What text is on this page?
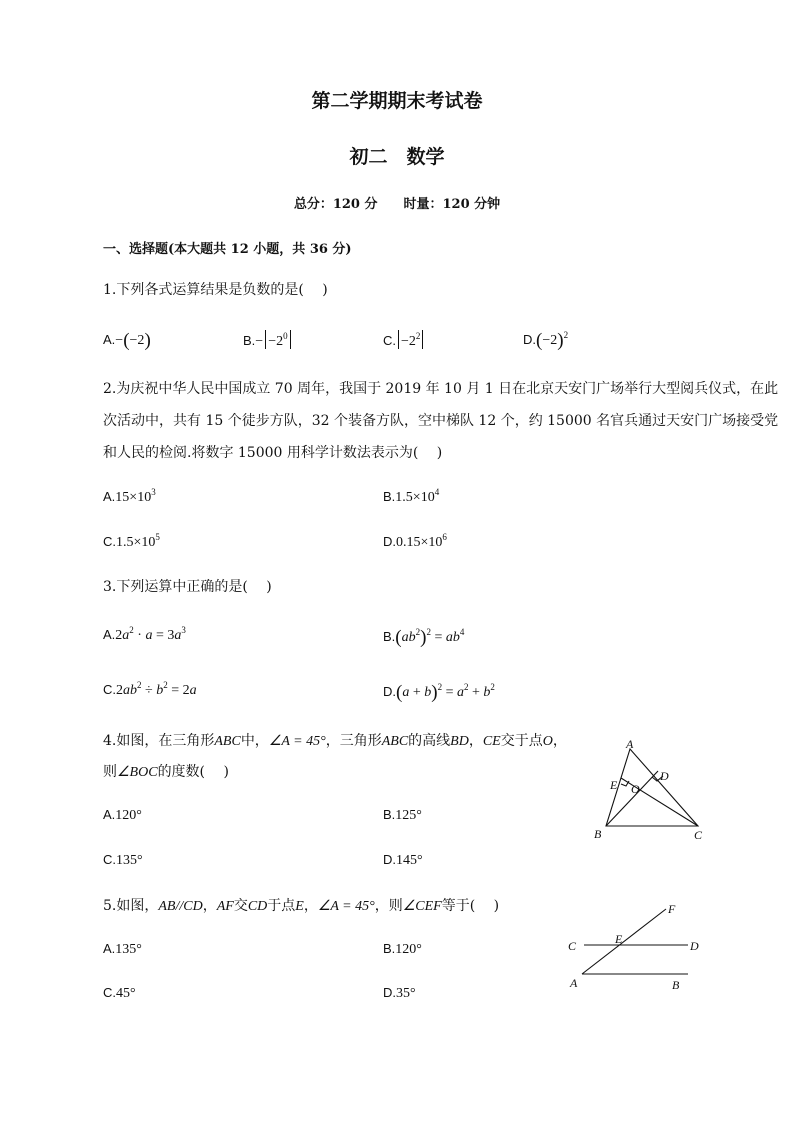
第二学期期末考试卷
初二　数学
总分：120 分　　时量：120 分钟
一、选择题(本大题共 12 小题，共 36 分)
1.下列各式运算结果是负数的是(　 )
A.−(−2)	$B.- -2^0$	C. $-2^2$	$D.(-2)^2$
2.为庆祝中华人民中国成立 70 周年，我国于 2019 年 10 月 1 日在北京天安门广场举行大型阅兵仪式，在此
次活动中，共有 15 个徒步方队，32 个装备方队，空中梯队 12 个，约 15000 名官兵通过天安门广场接受党
和人民的检阅.将数字 15000 用科学计数法表示为(　 )
$A.15\times 10^3$	$B.1.5\times 10^4$
$C.1.5\times 10^5$	$D.0.15\times 10^6$
3.下列运算中正确的是(　 )
$A.2a^2 \cdot a = 3a^3$	$B.(ab^2)^2 = ab^4$
$C.2ab^2 \div b^2 = 2a$	$D.(a + b)^2 = a^2 + b^2$
4.如图，在三角形ABC中，∠A = 45°，三角形ABC的高线BD，CE交于点O，
则∠BOC的度数(　 )
A.120°	B.125°
C.135°	D.145°
A
B	C
D
E O
5.如图，AB//CD，AF交CD于点E，∠A = 45°，则∠CEF等于(　 )
A.135°	B.120°
C.45°	D.35°
C	E	D
F
A	B
